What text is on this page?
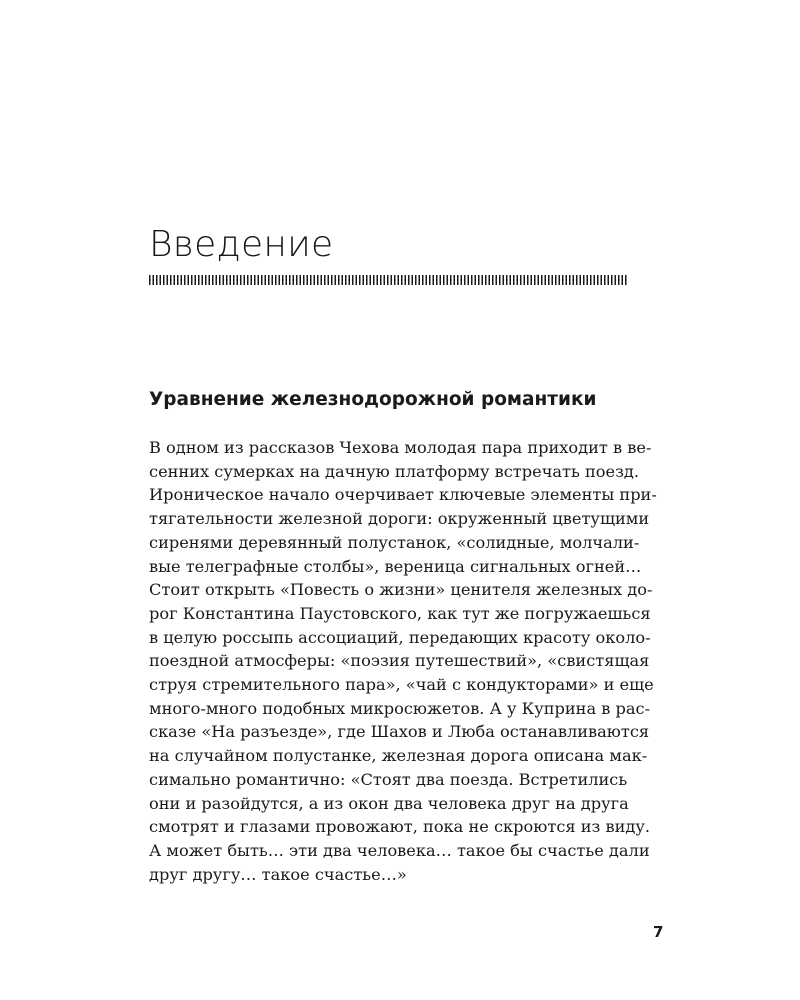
Введение
Уравнение железнодорожной романтики
В одном из рассказов Чехова молодая пара приходит в ве-
сенних сумерках на дачную платформу встречать поезд.
Ироническое начало очерчивает ключевые элементы при-
тягательности железной дороги: окруженный цветущими
сиренями деревянный полустанок, «солидные, молчали-
вые телеграфные столбы», вереница сигнальных огней…
Стоит открыть «Повесть о жизни» ценителя железных до-
рог Константина Паустовского, как тут же погружаешься
в целую россыпь ассоциаций, передающих красоту около-
поездной атмосферы: «поэзия путешествий», «свистящая
струя стремительного пара», «чай с кондукторами» и еще
много-много подобных микросюжетов. А у Куприна в рас-
сказе «На разъезде», где Шахов и Люба останавливаются
на случайном полустанке, железная дорога описана мак-
симально романтично: «Стоят два поезда. Встретились
они и разойдутся, а из окон два человека друг на друга
смотрят и глазами провожают, пока не скроются из виду.
А может быть… эти два человека… такое бы счастье дали
друг другу… такое счастье…»
7
